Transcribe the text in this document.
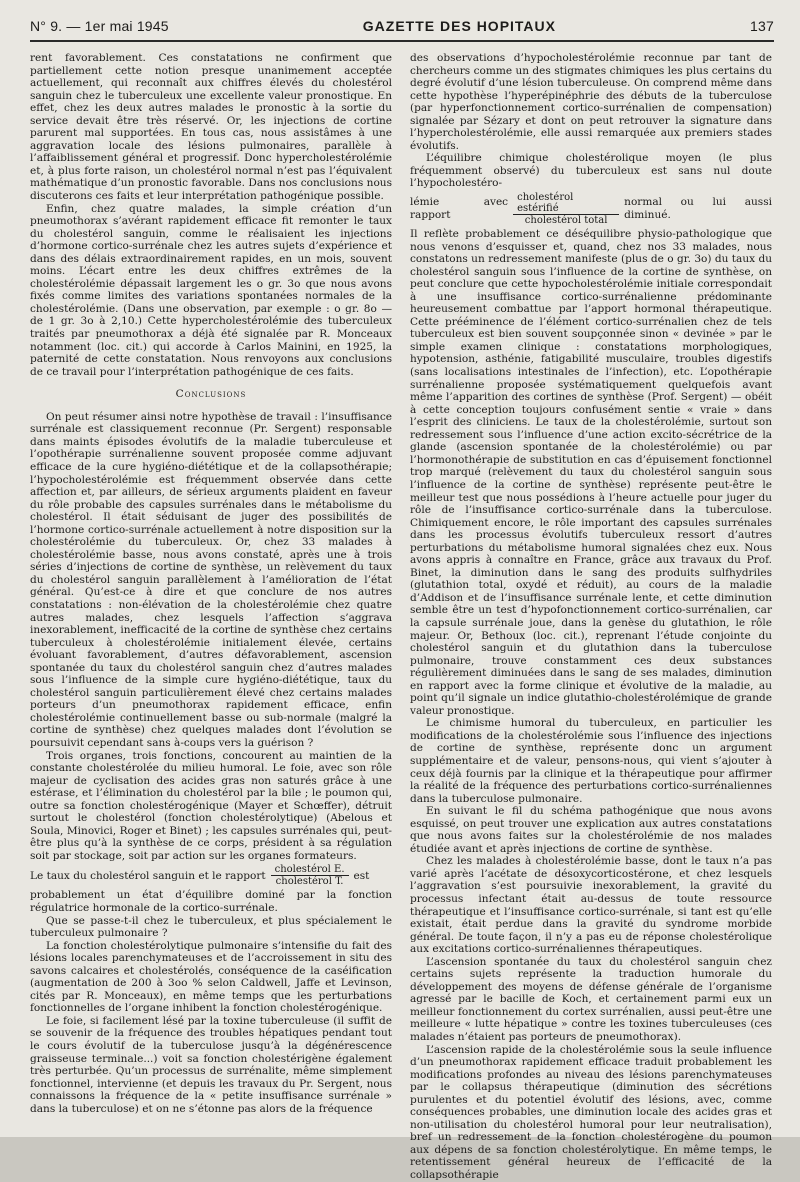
N° 9. — 1er mai 1945	GAZETTE DES HOPITAUX	137

rent favorablement. Ces constatations ne confirment que partiellement cette notion presque unanimement acceptée actuellement, qui reconnaît aux chiffres élevés du cholestérol sanguin chez le tuberculeux une excellente valeur pronostique. En effet, chez les deux autres malades le pronostic à la sortie du service devait être très réservé. Or, les injections de cortine parurent mal supportées. En tous cas, nous assistâmes à une aggravation locale des lésions pulmonaires, parallèle à l’affaiblissement général et progressif. Donc hypercholestérolémie et, à plus forte raison, un cholestérol normal n’est pas l’équivalent mathématique d’un pronostic favorable. Dans nos conclusions nous discuterons ces faits et leur interprétation pathogénique possible.

Enfin, chez quatre malades, la simple création d’un pneumothorax s’avérant rapidement efficace fit remonter le taux du cholestérol sanguin, comme le réalisaient les injections d’hormone cortico-surrénale chez les autres sujets d’expérience et dans des délais extraordinairement rapides, en un mois, souvent moins. L’écart entre les deux chiffres extrêmes de la cholestérolémie dépassait largement les o gr. 3o que nous avons fixés comme limites des variations spontanées normales de la cholestérolémie. (Dans une observation, par exemple : o gr. 8o — de 1 gr. 3o à 2,10.) Cette hypercholestérolémie des tuberculeux traités par pneumothorax a déjà été signalée par R. Monceaux notamment (loc. cit.) qui accorde à Carlos Mainini, en 1925, la paternité de cette constatation. Nous renvoyons aux conclusions de ce travail pour l’interprétation pathogénique de ces faits.

Conclusions

On peut résumer ainsi notre hypothèse de travail : l’insuffisance surrénale est classiquement reconnue (Pr. Sergent) responsable dans maints épisodes évolutifs de la maladie tuberculeuse et l’opothérapie surrénalienne souvent proposée comme adjuvant efficace de la cure hygiéno-diététique et de la collapsothérapie; l’hypocholestérolémie est fréquemment observée dans cette affection et, par ailleurs, de sérieux arguments plaident en faveur du rôle probable des capsules surrénales dans le métabolisme du cholestérol. Il était séduisant de juger des possibilités de l’hormone cortico-surrénale actuellement à notre disposition sur la cholestérolémie du tuberculeux. Or, chez 33 malades à cholestérolémie basse, nous avons constaté, après une à trois séries d’injections de cortine de synthèse, un relèvement du taux du cholestérol sanguin parallèlement à l’amélioration de l’état général. Qu’est-ce à dire et que conclure de nos autres constatations : non-élévation de la cholestérolémie chez quatre autres malades, chez lesquels l’affection s’aggrava inexorablement, inefficacité de la cortine de synthèse chez certains tuberculeux à cholestérolémie initialement élevée, certains évoluant favorablement, d’autres défavorablement, ascension spontanée du taux du cholestérol sanguin chez d’autres malades sous l’influence de la simple cure hygiéno-diététique, taux du cholestérol sanguin particulièrement élevé chez certains malades porteurs d’un pneumothorax rapidement efficace, enfin cholestérolémie continuellement basse ou sub-normale (malgré la cortine de synthèse) chez quelques malades dont l’évolution se poursuivit cependant sans à-coups vers la guérison ?

Trois organes, trois fonctions, concourent au maintien de la constante cholestérolée du milieu humoral. Le foie, avec son rôle majeur de cyclisation des acides gras non saturés grâce à une estérase, et l’élimination du cholestérol par la bile ; le poumon qui, outre sa fonction cholestérogénique (Mayer et Schœffer), détruit surtout le cholestérol (fonction cholestérolytique) (Abelous et Soula, Minovici, Roger et Binet) ; les capsules surrénales qui, peut-être plus qu’à la synthèse de ce corps, président à sa régulation soit par stockage, soit par action sur les organes formateurs.

Le taux du cholestérol sanguin et le rapport $\frac{\text{cholestérol E.}}{\text{cholestérol T.}}$ est

probablement un état d’équilibre dominé par la fonction régulatrice hormonale de la cortico-surrénale.

Que se passe-t-il chez le tuberculeux, et plus spécialement le tuberculeux pulmonaire ?

La fonction cholestérolytique pulmonaire s’intensifie du fait des lésions locales parenchymateuses et de l’accroissement in situ des savons calcaires et cholestérolés, conséquence de la caséification (augmentation de 200 à 3oo % selon Caldwell, Jaffe et Levinson, cités par R. Monceaux), en même temps que les perturbations fonctionnelles de l’organe inhibent la fonction cholestérogénique.

Le foie, si facilement lésé par la toxine tuberculeuse (il suffit de se souvenir de la fréquence des troubles hépatiques pendant tout le cours évolutif de la tuberculose jusqu’à la dégénérescence graisseuse terminale...) voit sa fonction cholestérigène également très perturbée. Qu’un processus de surrénalite, même simplement fonctionnel, intervienne (et depuis les travaux du Pr. Sergent, nous connaissons la fréquence de la « petite insuffisance surrénale » dans la tuberculose) et on ne s’étonne pas alors de la fréquence

des observations d’hypocholestérolémie reconnue par tant de chercheurs comme un des stigmates chimiques les plus certains du degré évolutif d’une lésion tuberculeuse. On comprend même dans cette hypothèse l’hyperépinéphrie des débuts de la tuberculose (par hyperfonctionnement cortico-surrénalien de compensation) signalée par Sézary et dont on peut retrouver la signature dans l’hypercholestérolémie, elle aussi remarquée aux premiers stades évolutifs.

L’équilibre chimique cholestérolique moyen (le plus fréquemment observé) du tuberculeux est sans nul doute l’hypocholestéro-

lémie avec rapport	$\frac{\text{cholestérol estérifié}}{\text{cholestérol total}}$ normal ou lui aussi diminué.

Il reflète probablement ce déséquilibre physio-pathologique que nous venons d’esquisser et, quand, chez nos 33 malades, nous constatons un redressement manifeste (plus de o gr. 3o) du taux du cholestérol sanguin sous l’influence de la cortine de synthèse, on peut conclure que cette hypocholestérolémie initiale correspondait à une insuffisance cortico-surrénalienne prédominante heureusement combattue par l’apport hormonal thérapeutique. Cette prééminence de l’élément cortico-surrénalien chez de tels tuberculeux est bien souvent soupçonnée sinon « devinée » par le simple examen clinique : constatations morphologiques, hypotension, asthénie, fatigabilité musculaire, troubles digestifs (sans localisations intestinales de l’infection), etc. L’opothérapie surrénalienne proposée systématiquement quelquefois avant même l’apparition des cortines de synthèse (Prof. Sergent) — obéit à cette conception toujours confusément sentie « vraie » dans l’esprit des cliniciens. Le taux de la cholestérolémie, surtout son redressement sous l’influence d’une action excito-sécrétrice de la glande (ascension spontanée de la cholestérolémie) ou par l’hormonothérapie de substitution en cas d’épuisement fonctionnel trop marqué (relèvement du taux du cholestérol sanguin sous l’influence de la cortine de synthèse) représente peut-être le meilleur test que nous possédions à l’heure actuelle pour juger du rôle de l’insuffisance cortico-surrénale dans la tuberculose. Chimiquement encore, le rôle important des capsules surrénales dans les processus évolutifs tuberculeux ressort d’autres perturbations du métabolisme humoral signalées chez eux. Nous avons appris à connaître en France, grâce aux travaux du Prof. Binet, la diminution dans le sang des produits sulfhydriles (glutathion total, oxydé et réduit), au cours de la maladie d’Addison et de l’insuffisance surrénale lente, et cette diminution semble être un test d’hypofonctionnement cortico-surrénalien, car la capsule surrénale joue, dans la genèse du glutathion, le rôle majeur. Or, Bethoux (loc. cit.), reprenant l’étude conjointe du cholestérol sanguin et du glutathion dans la tuberculose pulmonaire, trouve constamment ces deux substances régulièrement diminuées dans le sang de ses malades, diminution en rapport avec la forme clinique et évolutive de la maladie, au point qu’il signale un indice glutathio-cholestérolémique de grande valeur pronostique.

Le chimisme humoral du tuberculeux, en particulier les modifications de la cholestérolémie sous l’influence des injections de cortine de synthèse, représente donc un argument supplémentaire et de valeur, pensons-nous, qui vient s’ajouter à ceux déjà fournis par la clinique et la thérapeutique pour affirmer la réalité de la fréquence des perturbations cortico-surrénaliennes dans la tuberculose pulmonaire.

En suivant le fil du schéma pathogénique que nous avons esquissé, on peut trouver une explication aux autres constatations que nous avons faites sur la cholestérolémie de nos malades étudiée avant et après injections de cortine de synthèse.

Chez les malades à cholestérolémie basse, dont le taux n’a pas varié après l’acétate de désoxycorticostérone, et chez lesquels l’aggravation s’est poursuivie inexorablement, la gravité du processus infectant était au-dessus de toute ressource thérapeutique et l’insuffisance cortico-surrénale, si tant est qu’elle existait, était perdue dans la gravité du syndrome morbide général. De toute façon, il n’y a pas eu de réponse cholestérolique aux excitations cortico-surrénaliennes thérapeutiques.

L’ascension spontanée du taux du cholestérol sanguin chez certains sujets représente la traduction humorale du développement des moyens de défense générale de l’organisme agressé par le bacille de Koch, et certainement parmi eux un meilleur fonctionnement du cortex surrénalien, aussi peut-être une meilleure « lutte hépatique » contre les toxines tuberculeuses (ces malades n’étaient pas porteurs de pneumothorax).

L’ascension rapide de la cholestérolémie sous la seule influence d’un pneumothorax rapidement efficace traduit probablement les modifications profondes au niveau des lésions parenchymateuses par le collapsus thérapeutique (diminution des sécrétions purulentes et du potentiel évolutif des lésions, avec, comme conséquences probables, une diminution locale des acides gras et non-utilisation du cholestérol humoral pour leur neutralisation), bref un redressement de la fonction cholestérogène du poumon aux dépens de sa fonction cholestérolytique. En même temps, le retentissement général heureux de l’efficacité de la collapsothérapie
